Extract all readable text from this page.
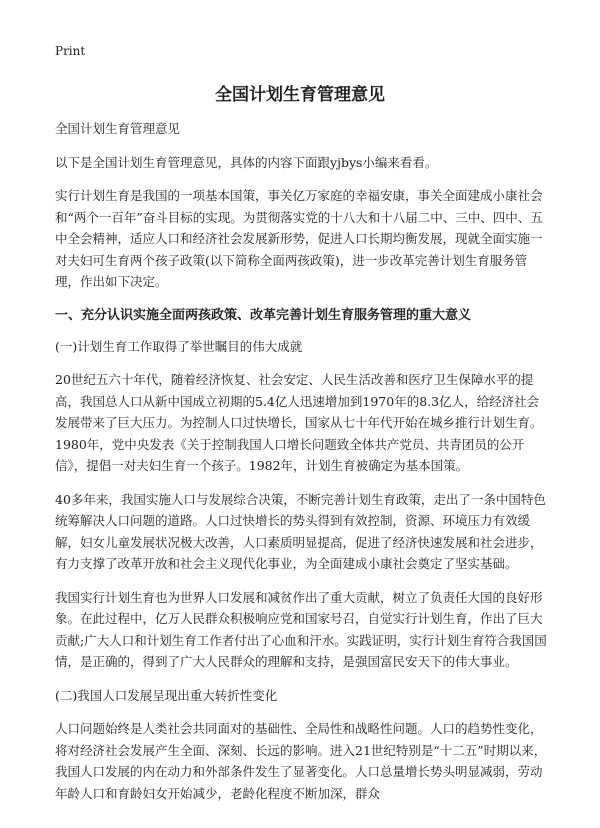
Print
全国计划生育管理意见

全国计划生育管理意见

以下是全国计划生育管理意见，具体的内容下面跟yjbys小编来看看。

实行计划生育是我国的一项基本国策，事关亿万家庭的幸福安康，事关全面建成小康社会和“两个一百年”奋斗目标的实现。为贯彻落实党的十八大和十八届二中、三中、四中、五中全会精神，适应人口和经济社会发展新形势，促进人口长期均衡发展，现就全面实施一对夫妇可生育两个孩子政策(以下简称全面两孩政策)，进一步改革完善计划生育服务管理，作出如下决定。

一、充分认识实施全面两孩政策、改革完善计划生育服务管理的重大意义

(一)计划生育工作取得了举世瞩目的伟大成就

20世纪五六十年代，随着经济恢复、社会安定、人民生活改善和医疗卫生保障水平的提高，我国总人口从新中国成立初期的5.4亿人迅速增加到1970年的8.3亿人，给经济社会发展带来了巨大压力。为控制人口过快增长，国家从七十年代开始在城乡推行计划生育。1980年，党中央发表《关于控制我国人口增长问题致全体共产党员、共青团员的公开信》，提倡一对夫妇生育一个孩子。1982年，计划生育被确定为基本国策。

40多年来，我国实施人口与发展综合决策，不断完善计划生育政策，走出了一条中国特色统筹解决人口问题的道路。人口过快增长的势头得到有效控制，资源、环境压力有效缓解，妇女儿童发展状况极大改善，人口素质明显提高，促进了经济快速发展和社会进步，有力支撑了改革开放和社会主义现代化事业，为全面建成小康社会奠定了坚实基础。

我国实行计划生育也为世界人口发展和减贫作出了重大贡献，树立了负责任大国的良好形象。在此过程中，亿万人民群众积极响应党和国家号召，自觉实行计划生育，作出了巨大贡献;广大人口和计划生育工作者付出了心血和汗水。实践证明，实行计划生育符合我国国情，是正确的，得到了广大人民群众的理解和支持，是强国富民安天下的伟大事业。

(二)我国人口发展呈现出重大转折性变化

人口问题始终是人类社会共同面对的基础性、全局性和战略性问题。人口的趋势性变化，将对经济社会发展产生全面、深刻、长远的影响。进入21世纪特别是“十二五”时期以来，我国人口发展的内在动力和外部条件发生了显著变化。人口总量增长势头明显减弱，劳动年龄人口和育龄妇女开始减少，老龄化程度不断加深，群众
